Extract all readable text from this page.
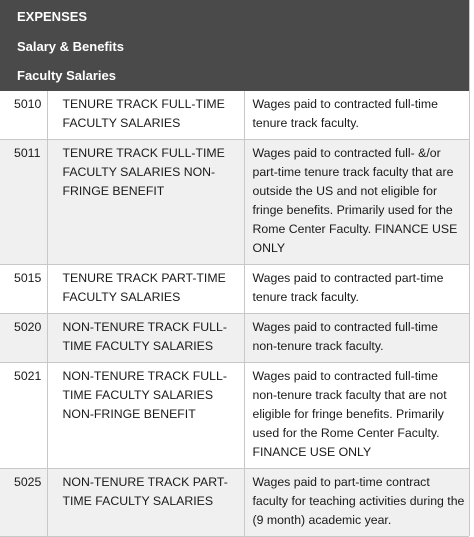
EXPENSES
Salary & Benefits
Faculty Salaries
5010	TENURE TRACK FULL-TIME FACULTY SALARIES	Wages paid to contracted full-time tenure track faculty.
5011	TENURE TRACK FULL-TIME FACULTY SALARIES NON-FRINGE BENEFIT	Wages paid to contracted full- &/or part-time tenure track faculty that are outside the US and not eligible for fringe benefits. Primarily used for the Rome Center Faculty. FINANCE USE ONLY
5015	TENURE TRACK PART-TIME FACULTY SALARIES	Wages paid to contracted part-time tenure track faculty.
5020	NON-TENURE TRACK FULL-TIME FACULTY SALARIES	Wages paid to contracted full-time non-tenure track faculty.
5021	NON-TENURE TRACK FULL-TIME FACULTY SALARIES NON-FRINGE BENEFIT	Wages paid to contracted full-time non-tenure track faculty that are not eligible for fringe benefits. Primarily used for the Rome Center Faculty. FINANCE USE ONLY
5025	NON-TENURE TRACK PART-TIME FACULTY SALARIES	Wages paid to part-time contract faculty for teaching activities during the (9 month) academic year.
